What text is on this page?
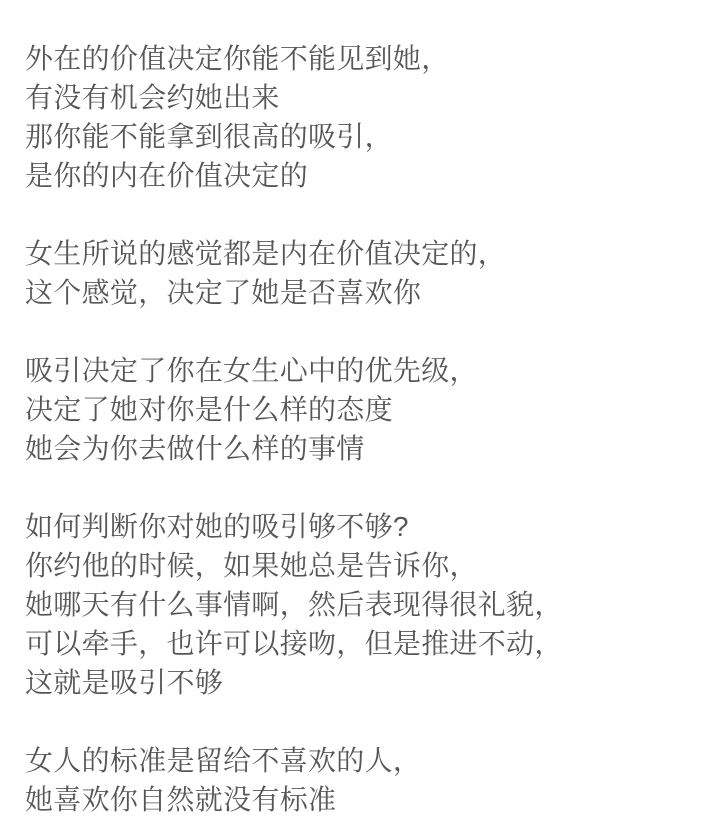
外在的价值决定你能不能见到她，
有没有机会约她出来
那你能不能拿到很高的吸引，
是你的内在价值决定的
女生所说的感觉都是内在价值决定的，
这个感觉，决定了她是否喜欢你
吸引决定了你在女生心中的优先级，
决定了她对你是什么样的态度
她会为你去做什么样的事情
如何判断你对她的吸引够不够?
你约他的时候，如果她总是告诉你，
她哪天有什么事情啊，然后表现得很礼貌，
可以牵手，也许可以接吻，但是推进不动，
这就是吸引不够
女人的标准是留给不喜欢的人，
她喜欢你自然就没有标准
